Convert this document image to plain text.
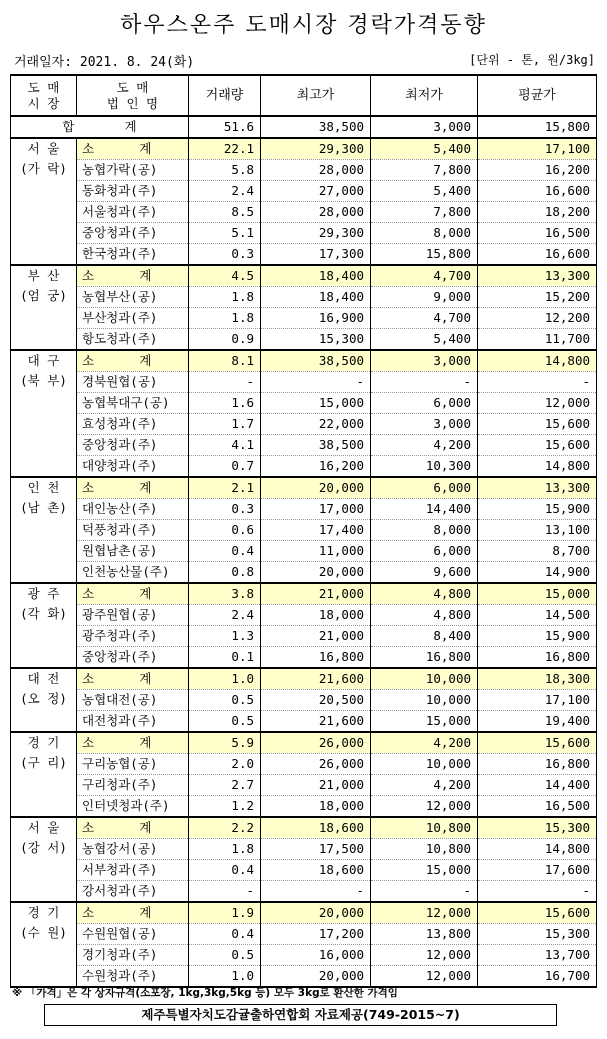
하우스온주 도매시장 경락가격동향
거래일자: 2021. 8. 24(화)	[단위 - 톤, 원/3kg]
도 매
시 장	도 매
법 인 명	거래량	최고가	최저가	평균가
합계		51.6	38,500	3,000	15,800

서 울
(가 락)	소      계	22.1	29,300	5,400	17,100
	농협가락(공)	5.8	28,000	7,800	16,200
	동화청과(주)	2.4	27,000	5,400	16,600
	서울청과(주)	8.5	28,000	7,800	18,200
	중앙청과(주)	5.1	29,300	8,000	16,500
	한국청과(주)	0.3	17,300	15,800	16,600

부 산
(엄 궁)	소      계	4.5	18,400	4,700	13,300
	농협부산(공)	1.8	18,400	9,000	15,200
	부산청과(주)	1.8	16,900	4,700	12,200
	항도청과(주)	0.9	15,300	5,400	11,700

대 구
(북 부)	소      계	8.1	38,500	3,000	14,800
	경북원협(공)	-	-	-	-
	농협북대구(공)	1.6	15,000	6,000	12,000
	효성청과(주)	1.7	22,000	3,000	15,600
	중앙청과(주)	4.1	38,500	4,200	15,600
	대양청과(주)	0.7	16,200	10,300	14,800

인 천
(남 촌)	소      계	2.1	20,000	6,000	13,300
	대인농산(주)	0.3	17,000	14,400	15,900
	덕풍청과(주)	0.6	17,400	8,000	13,100
	원협남촌(공)	0.4	11,000	6,000	8,700
	인천농산물(주)	0.8	20,000	9,600	14,900

광 주
(각 화)	소      계	3.8	21,000	4,800	15,000
	광주원협(공)	2.4	18,000	4,800	14,500
	광주청과(주)	1.3	21,000	8,400	15,900
	중앙청과(주)	0.1	16,800	16,800	16,800

대 전
(오 정)	소      계	1.0	21,600	10,000	18,300
	농협대전(공)	0.5	20,500	10,000	17,100
	대전청과(주)	0.5	21,600	15,000	19,400

경 기
(구 리)	소      계	5.9	26,000	4,200	15,600
	구리농협(공)	2.0	26,000	10,000	16,800
	구리청과(주)	2.7	21,000	4,200	14,400
	인터넷청과(주)	1.2	18,000	12,000	16,500

서 울
(강 서)	소      계	2.2	18,600	10,800	15,300
	농협강서(공)	1.8	17,500	10,800	14,800
	서부청과(주)	0.4	18,600	15,000	17,600
	강서청과(주)	-	-	-	-

경 기
(수 원)	소      계	1.9	20,000	12,000	15,600
	수원원협(공)	0.4	17,200	13,800	15,300
	경기청과(주)	0.5	16,000	12,000	13,700
	수원청과(주)	1.0	20,000	12,000	16,700
※ 「가격」은 각 상자규격(소포장, 1kg,3kg,5kg 등) 모두 3kg로 환산한 가격임
제주특별자치도감귤출하연합회 자료제공(749-2015~7)
